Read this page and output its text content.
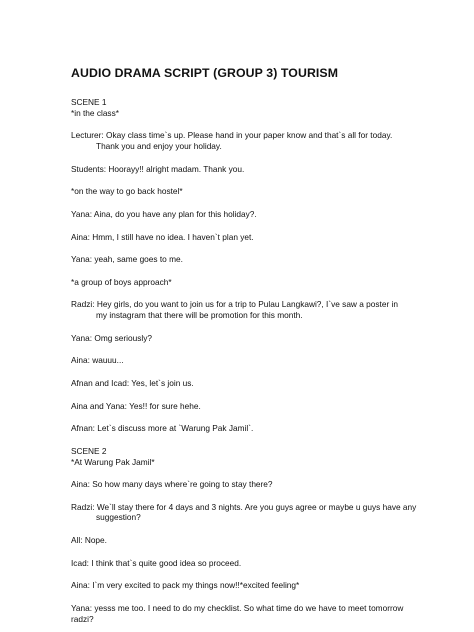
AUDIO DRAMA SCRIPT (GROUP 3) TOURISM
SCENE 1
*in the class*
Lecturer: Okay class time`s up. Please hand in your paper know and that`s all for today.
Thank you and enjoy your holiday.
Students: Hoorayy!! alright madam. Thank you.
*on the way to go back hostel*
Yana: Aina, do you have any plan for this holiday?.
Aina: Hmm, I still have no idea. I haven`t plan yet.
Yana: yeah, same goes to me.
*a group of boys approach*
Radzi: Hey girls, do you want to join us for a trip to Pulau Langkawi?, I`ve saw a poster in
my instagram that there will be promotion for this month.
Yana: Omg seriously?
Aina: wauuu...
Afnan and Icad: Yes, let`s join us.
Aina and Yana: Yes!! for sure hehe.
Afnan: Let`s discuss more at `Warung Pak Jamil`.
SCENE 2
*At Warung Pak Jamil*
Aina: So how many days where`re going to stay there?
Radzi: We`ll stay there for 4 days and 3 nights. Are you guys agree or maybe u guys have any
suggestion?
All: Nope.
Icad: I think that`s quite good idea so proceed.
Aina: I`m very excited to pack my things now!!*excited feeling*
Yana: yesss me too. I need to do my checklist. So what time do we have to meet tomorrow
radzi?
